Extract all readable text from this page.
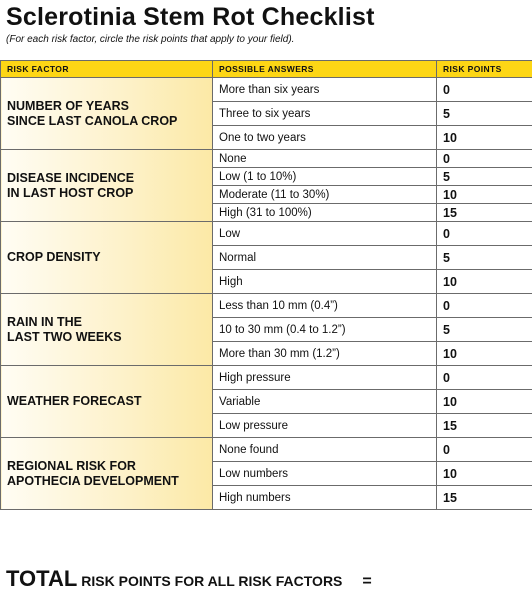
Sclerotinia Stem Rot Checklist

(For each risk factor, circle the risk points that apply to your field).

RISK FACTOR	POSSIBLE ANSWERS	RISK POINTS
NUMBER OF YEARS
SINCE LAST CANOLA CROP	More than six years	0
	Three to six years	5
	One to two years	10
DISEASE INCIDENCE
IN LAST HOST CROP	None	0
	Low (1 to 10%)	5
	Moderate (11 to 30%)	10
	High (31 to 100%)	15
CROP DENSITY	Low	0
	Normal	5
	High	10
RAIN IN THE
LAST TWO WEEKS	Less than 10 mm (0.4”)	0
	10 to 30 mm (0.4 to 1.2”)	5
	More than 30 mm (1.2”)	10
WEATHER FORECAST	High pressure	0
	Variable	10
	Low pressure	15
REGIONAL RISK FOR
APOTHECIA DEVELOPMENT	None found	0
	Low numbers	10
	High numbers	15

TOTAL RISK POINTS FOR ALL RISK FACTORS =
